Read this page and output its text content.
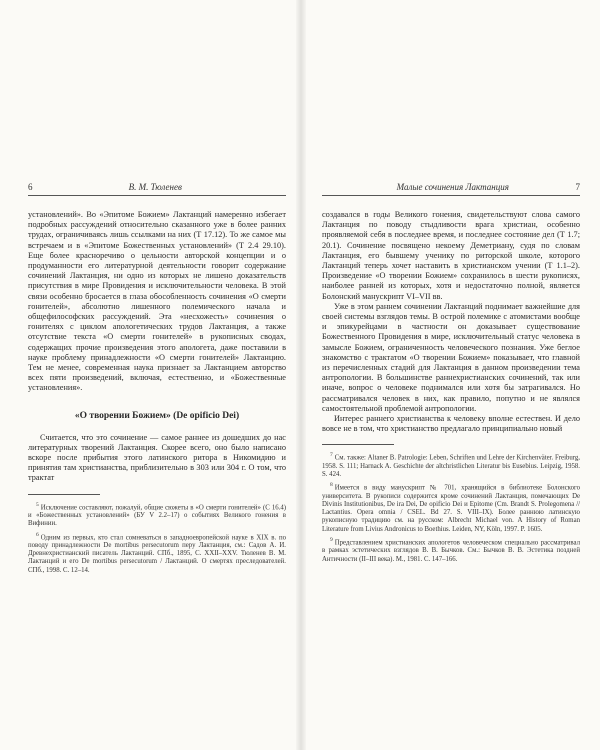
6	В. М. Тюленев

установлений». Во «Эпитоме Божием» Лактанций намеренно избегает подробных рассуждений относительно сказанного уже в более ранних трудах, ограничиваясь лишь ссылками на них (Т 17.12). То же самое мы встречаем и в «Эпитоме Божественных установлений» (Т 2.4 29.10). Еще более красноречиво о цельности авторской концепции и о продуманности его литературной деятельности говорит содержание сочинений Лактанция, ни одно из которых не лишено доказательств присутствия в мире Провидения и исключительности человека. В этой связи особенно бросается в глаза обособленность сочинения «О смерти гонителей», абсолютно лишенного полемического начала и общефилософских рассуждений. Эта «несхожесть» сочинения о гонителях с циклом апологетических трудов Лактанция, а также отсутствие текста «О смерти гонителей» в рукописных сводах, содержащих прочие произведения этого апологета, даже поставили в науке проблему принадлежности «О смерти гонителей» Лактанцию. Тем не менее, современная наука признает за Лактанцием авторство всех пяти произведений, включая, естественно, и «Божественные установления».

«О творении Божием» (De opificio Dei)

Считается, что это сочинение — самое раннее из дошедших до нас литературных творений Лактанция. Скорее всего, оно было написано вскоре после прибытия этого латинского ритора в Никомидию и принятия там христианства, приблизительно в 303 или 304 г. О том, что трактат

$^5$ Исключение составляют, пожалуй, общие сюжеты в «О смерти гонителей» (С 16.4) и «Божественных установлений» (БУ V 2.2–17) о событиях Великого гонения в Вифинии.

$^6$ Одним из первых, кто стал сомневаться в западноевропейской науке в XIX в. по поводу принадлежности De mortibus persecutorum перу Лактанция, см.: Садов А. И. Древнехристианский писатель Лактанций. СПб., 1895, С. XXII–XXV. Тюленев В. М. Лактанций и его De mortibus persecutorum / Лактанций. О смертях преследователей. СПб., 1998. С. 12–14.

Малые сочинения Лактанция	7

создавался в годы Великого гонения, свидетельствуют слова самого Лактанция по поводу стыдливости врага христиан, особенно проявляемой себя в последнее время, и последнее состояние дел (Т 1.7; 20.1). Сочинение посвящено некоему Деметриану, судя по словам Лактанция, его бывшему ученику по риторской школе, которого Лактанций теперь хочет наставить в христианском учении (Т 1.1–2). Произведение «О творении Божием» сохранилось в шести рукописях, наиболее ранней из которых, хотя и недостаточно полной, является Болонский манускрипт VI–VII вв.

Уже в этом раннем сочинении Лактанций поднимает важнейшие для своей системы взглядов темы. В острой полемике с атомистами вообще и эпикурейцами в частности он доказывает существование Божественного Провидения в мире, исключительный статус человека в замысле Божием, ограниченность человеческого познания. Уже беглое знакомство с трактатом «О творении Божием» показывает, что главной из перечисленных стадий для Лактанция в данном произведении тема антропологии. В большинстве раннехристианских сочинений, так или иначе, вопрос о человеке поднимался или хотя бы затрагивался. Но рассматривался человек в них, как правило, попутно и не являлся самостоятельной проблемой антропологии.

Интерес раннего христианства к человеку вполне естествен. И дело вовсе не в том, что христианство предлагало принципиально новый

$^7$ См. также: Altaner B. Patrologie: Leben, Schriften und Lehre der Kirchenväter. Freiburg, 1958. S. 111; Harnack A. Geschichte der altchristlichen Literatur bis Eusebius. Leipzig, 1958. S. 424.

$^8$ Имеется в виду манускрипт № 701, хранящийся в библиотеке Болонского университета. В рукописи содержится кроме сочинений Лактанция, помечающих De Divinis Institutionibus, De ira Dei, De opificio Dei и Epitome (Cm. Brandt S. Prolegomena // Lactantius. Opera omnia / CSEL. Bd 27. S. VIII–IX). Более раннюю латинскую рукописную традицию см. на русском: Albrecht Michael von. A History of Roman Literature from Livius Andronicus to Boethius. Leiden, NY, Köln, 1997. P. 1605.

$^9$ Представлением христианских апологетов человеческом специально рассматривал в рамках эстетических взглядов В. В. Бычков. См.: Бычков В. В. Эстетика поздней Античности (II–III века). М., 1981. С. 147–166.
